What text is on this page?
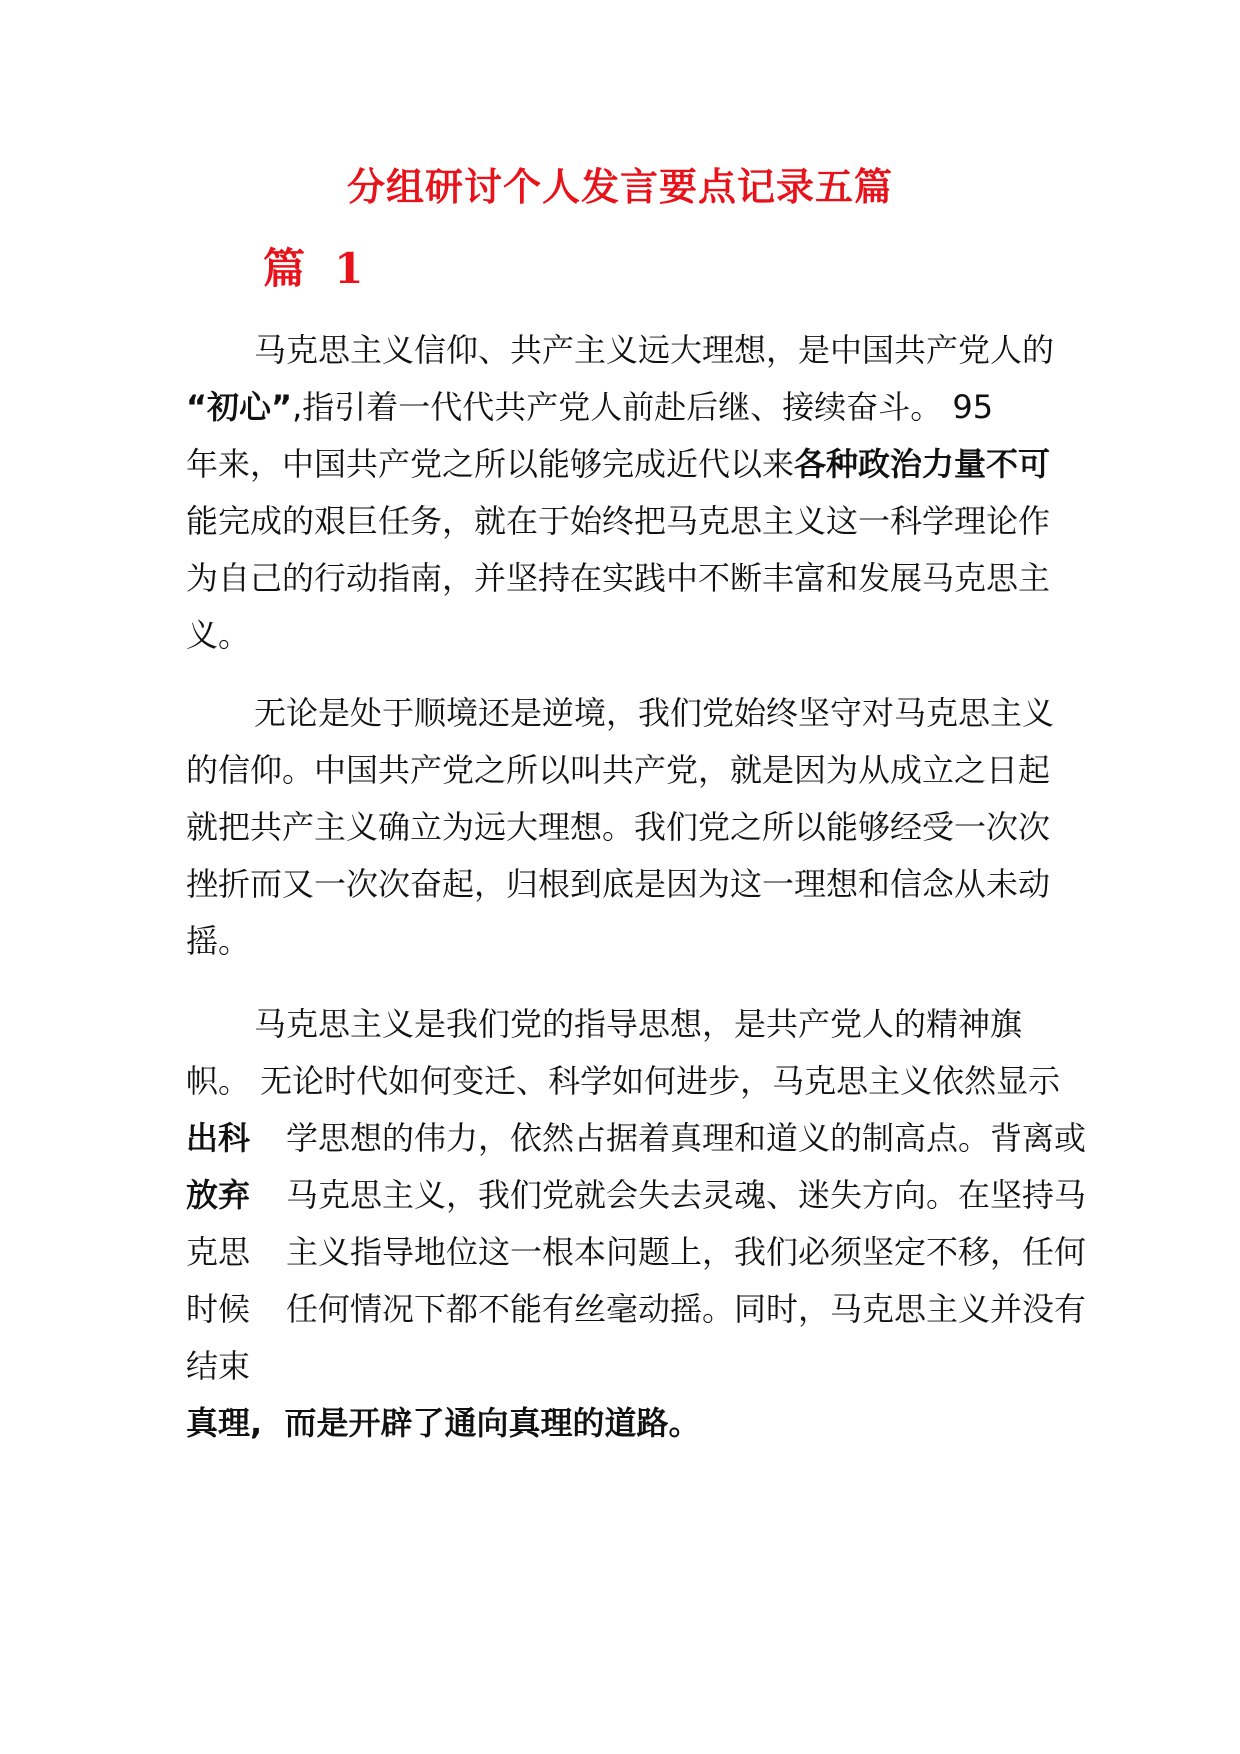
分组研讨个人发言要点记录五篇
篇  1
马克思主义信仰、共产主义远大理想，是中国共产党人的
“初心”,指引着一代代共产党人前赴后继、接续奋斗。 95
年来，中国共产党之所以能够完成近代以来各种政治力量不可
能完成的艰巨任务，就在于始终把马克思主义这一科学理论作
为自己的行动指南，并坚持在实践中不断丰富和发展马克思主
义。
无论是处于顺境还是逆境，我们党始终坚守对马克思主义
的信仰。中国共产党之所以叫共产党，就是因为从成立之日起
就把共产主义确立为远大理想。我们党之所以能够经受一次次
挫折而又一次次奋起，归根到底是因为这一理想和信念从未动
摇。
马克思主义是我们党的指导思想，是共产党人的精神旗
帜。 无论时代如何变迁、科学如何进步，马克思主义依然显示
出科 学思想的伟力，依然占据着真理和道义的制高点。背离或
放弃 马克思主义，我们党就会失去灵魂、迷失方向。在坚持马
克思 主义指导地位这一根本问题上，我们必须坚定不移，任何
时候 任何情况下都不能有丝毫动摇。同时，马克思主义并没有
结束
真理,  而是开辟了通向真理的道路。
